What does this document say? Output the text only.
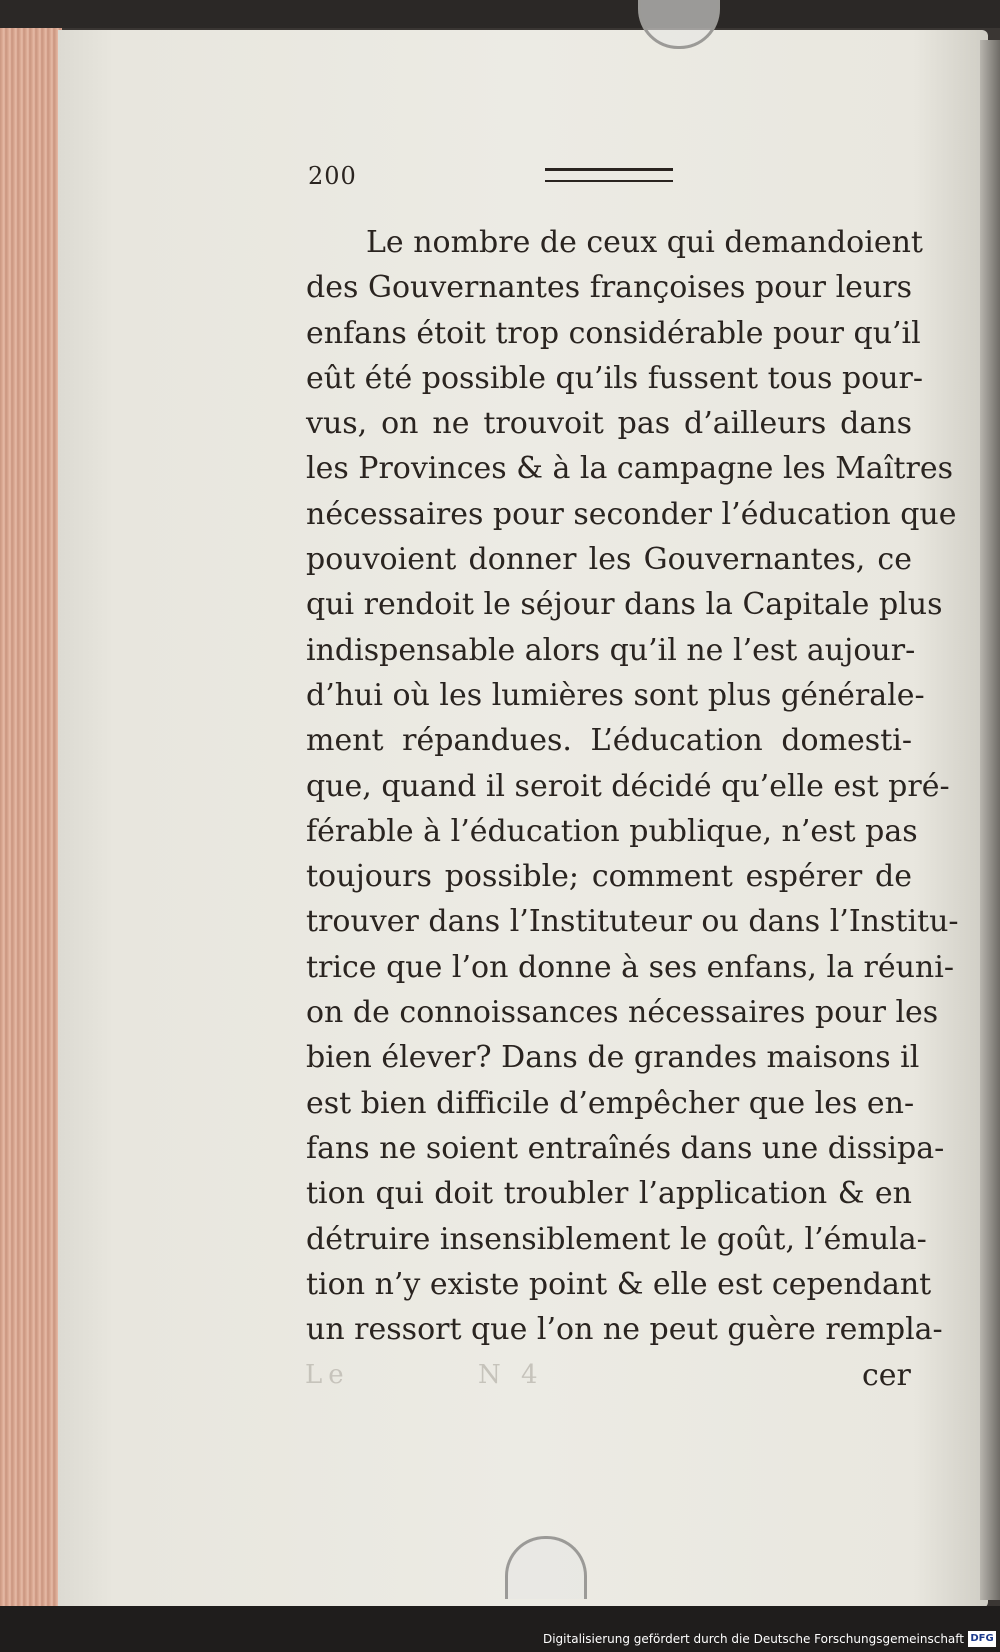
200
Le         N 4
Le nombre de ceux qui demandoient
des Gouvernantes françoises pour leurs
enfans étoit trop considérable pour qu’il
eût été possible qu’ils fussent tous pour-
vus, on ne trouvoit pas d’ailleurs dans
les Provinces & à la campagne les Maîtres
nécessaires pour seconder l’éducation que
pouvoient donner les Gouvernantes, ce
qui rendoit le séjour dans la Capitale plus
indispensable alors qu’il ne l’est aujour-
d’hui où les lumières sont plus générale-
ment répandues. L’éducation domesti-
que, quand il seroit décidé qu’elle est pré-
férable à l’éducation publique, n’est pas
toujours possible; comment espérer de
trouver dans l’Instituteur ou dans l’Institu-
trice que l’on donne à ses enfans, la réuni-
on de connoissances nécessaires pour les
bien élever? Dans de grandes maisons il
est bien difficile d’empêcher que les en-
fans ne soient entraînés dans une dissipa-
tion qui doit troubler l’application & en
détruire insensiblement le goût, l’émula-
tion n’y existe point & elle est cependant
un ressort que l’on ne peut guère rempla-
cer
Digitalisierung gefördert durch die Deutsche Forschungsgemeinschaft DFG
